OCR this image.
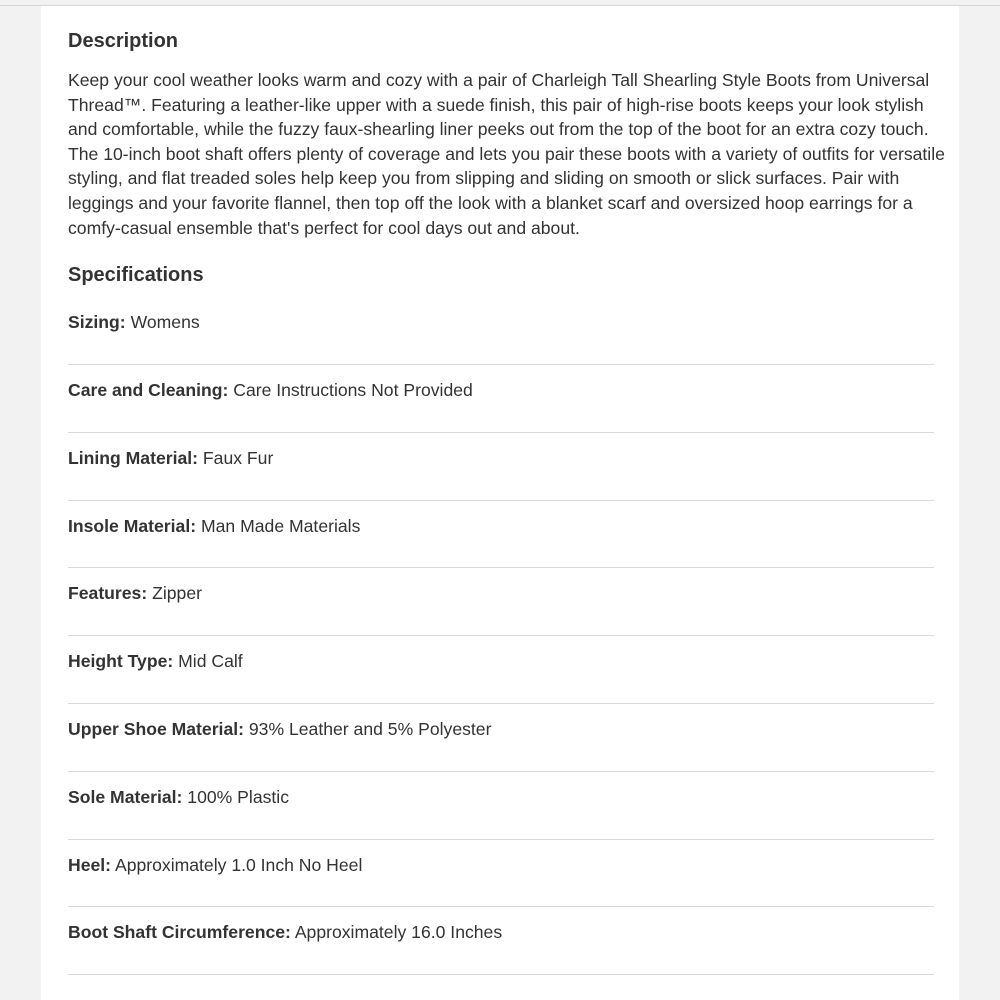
Description

Keep your cool weather looks warm and cozy with a pair of Charleigh Tall Shearling Style Boots from Universal Thread™. Featuring a leather-like upper with a suede finish, this pair of high-rise boots keeps your look stylish and comfortable, while the fuzzy faux-shearling liner peeks out from the top of the boot for an extra cozy touch. The 10-inch boot shaft offers plenty of coverage and lets you pair these boots with a variety of outfits for versatile styling, and flat treaded soles help keep you from slipping and sliding on smooth or slick surfaces. Pair with leggings and your favorite flannel, then top off the look with a blanket scarf and oversized hoop earrings for a comfy-casual ensemble that's perfect for cool days out and about.

Specifications
Sizing: Womens
Care and Cleaning: Care Instructions Not Provided
Lining Material: Faux Fur
Insole Material: Man Made Materials
Features: Zipper
Height Type: Mid Calf
Upper Shoe Material: 93% Leather and 5% Polyester
Sole Material: 100% Plastic
Heel: Approximately 1.0 Inch No Heel
Boot Shaft Circumference: Approximately 16.0 Inches
